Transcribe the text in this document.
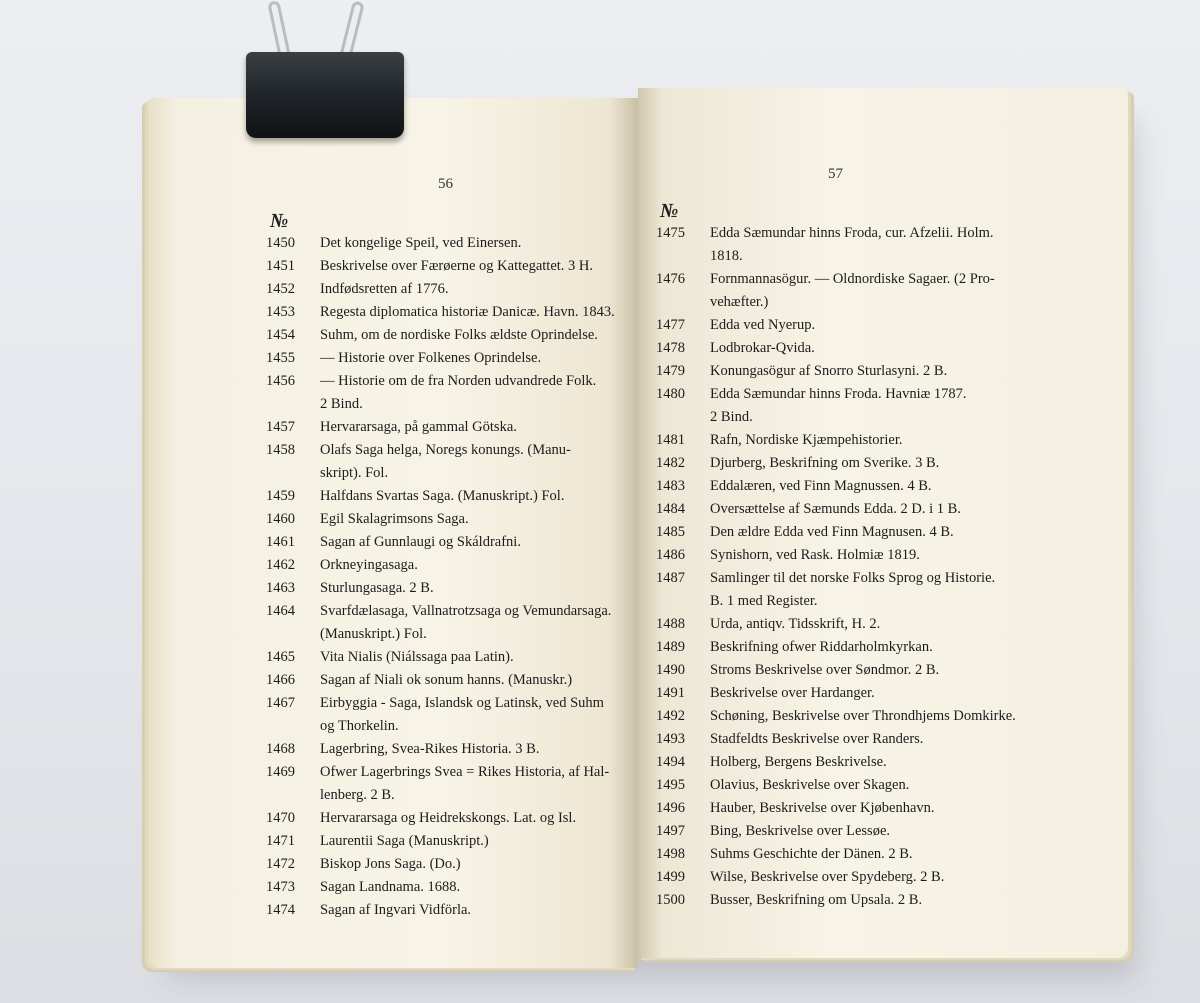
56
№
1450	Det kongelige Speil, ved Einersen.
1451	Beskrivelse over Færøerne og Kattegattet. 3 H.
1452	Indfødsretten af 1776.
1453	Regesta diplomatica historiæ Danicæ. Havn. 1843.
1454	Suhm, om de nordiske Folks ældste Oprindelse.
1455	— Historie over Folkenes Oprindelse.
1456	— Historie om de fra Norden udvandrede Folk.
2 Bind.
1457	Hervararsaga, på gammal Götska.
1458	Olafs Saga helga, Noregs konungs. (Manu-
skript). Fol.
1459	Halfdans Svartas Saga. (Manuskript.) Fol.
1460	Egil Skalagrimsons Saga.
1461	Sagan af Gunnlaugi og Skáldrafni.
1462	Orkneyingasaga.
1463	Sturlungasaga. 2 B.
1464	Svarfdælasaga, Vallnatrotzsaga og Vemundarsaga.
(Manuskript.) Fol.
1465	Vita Nialis (Niálssaga paa Latin).
1466	Sagan af Niali ok sonum hanns. (Manuskr.)
1467	Eirbyggia - Saga, Islandsk og Latinsk, ved Suhm
og Thorkelin.
1468	Lagerbring, Svea-Rikes Historia. 3 B.
1469	Ofwer Lagerbrings Svea = Rikes Historia, af Hal-
lenberg. 2 B.
1470	Hervararsaga og Heidrekskongs. Lat. og Isl.
1471	Laurentii Saga (Manuskript.)
1472	Biskop Jons Saga. (Do.)
1473	Sagan Landnama. 1688.
1474	Sagan af Ingvari Vidförla.
57
№
1475	Edda Sæmundar hinns Froda, cur. Afzelii. Holm.
1818.
1476	Fornmannasögur. — Oldnordiske Sagaer. (2 Pro-
vehæfter.)
1477	Edda ved Nyerup.
1478	Lodbrokar-Qvida.
1479	Konungasögur af Snorro Sturlasyni. 2 B.
1480	Edda Sæmundar hinns Froda. Havniæ 1787.
2 Bind.
1481	Rafn, Nordiske Kjæmpehistorier.
1482	Djurberg, Beskrifning om Sverike. 3 B.
1483	Eddalæren, ved Finn Magnussen. 4 B.
1484	Oversættelse af Sæmunds Edda. 2 D. i 1 B.
1485	Den ældre Edda ved Finn Magnusen. 4 B.
1486	Synishorn, ved Rask. Holmiæ 1819.
1487	Samlinger til det norske Folks Sprog og Historie.
B. 1 med Register.
1488	Urda, antiqv. Tidsskrift, H. 2.
1489	Beskrifning ofwer Riddarholmkyrkan.
1490	Stroms Beskrivelse over Søndmor. 2 B.
1491	Beskrivelse over Hardanger.
1492	Schøning, Beskrivelse over Throndhjems Domkirke.
1493	Stadfeldts Beskrivelse over Randers.
1494	Holberg, Bergens Beskrivelse.
1495	Olavius, Beskrivelse over Skagen.
1496	Hauber, Beskrivelse over Kjøbenhavn.
1497	Bing, Beskrivelse over Lessøe.
1498	Suhms Geschichte der Dänen. 2 B.
1499	Wilse, Beskrivelse over Spydeberg. 2 B.
1500	Busser, Beskrifning om Upsala. 2 B.
